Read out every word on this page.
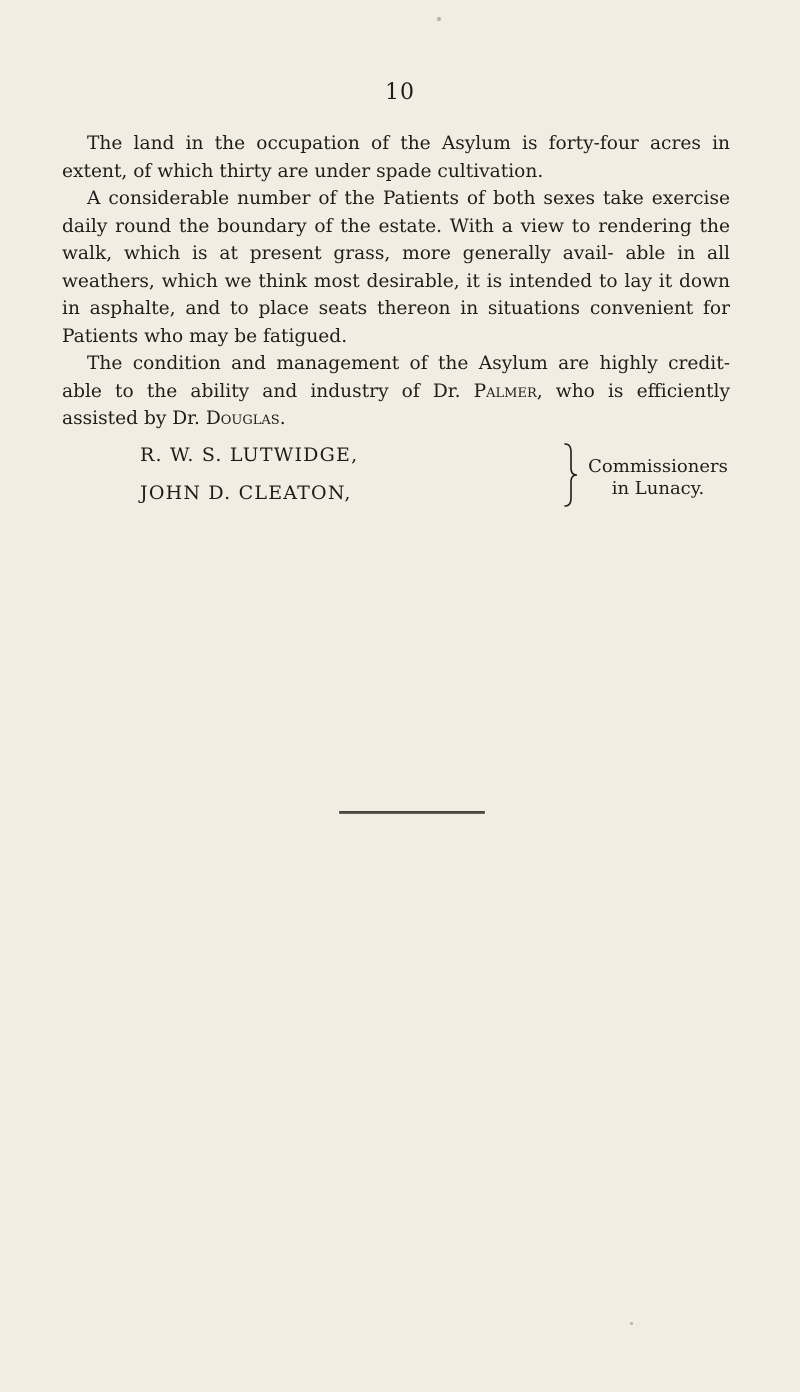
10

The land in the occupation of the Asylum is forty-four acres in extent, of which thirty are under spade cultivation.

A considerable number of the Patients of both sexes take exercise daily round the boundary of the estate. With a view to rendering the walk, which is at present grass, more generally avail- able in all weathers, which we think most desirable, it is intended to lay it down in asphalte, and to place seats thereon in situations convenient for Patients who may be fatigued.

The condition and management of the Asylum are highly credit- able to the ability and industry of Dr. Palmer, who is efficiently assisted by Dr. Douglas.

R. W. S. LUTWIDGE,
JOHN D. CLEATON,
Commissioners
in Lunacy.
